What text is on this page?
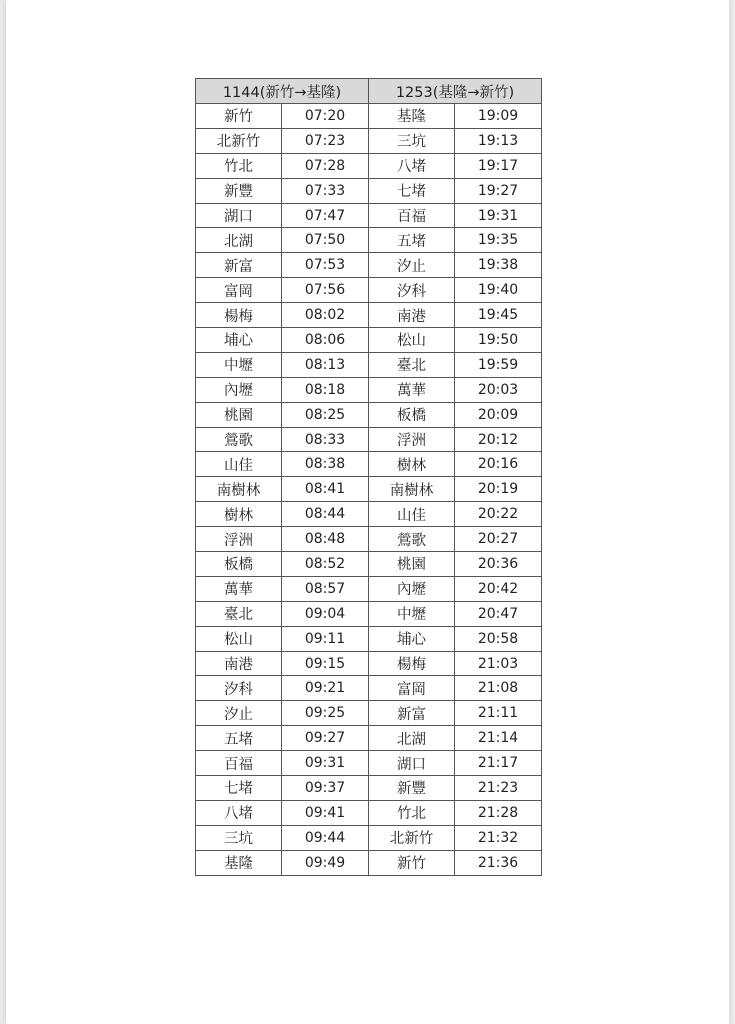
1144(新竹→基隆)		1253(基隆→新竹)	
新竹	07:20	基隆	19:09
北新竹	07:23	三坑	19:13
竹北	07:28	八堵	19:17
新豐	07:33	七堵	19:27
湖口	07:47	百福	19:31
北湖	07:50	五堵	19:35
新富	07:53	汐止	19:38
富岡	07:56	汐科	19:40
楊梅	08:02	南港	19:45
埔心	08:06	松山	19:50
中壢	08:13	臺北	19:59
內壢	08:18	萬華	20:03
桃園	08:25	板橋	20:09
鶯歌	08:33	浮洲	20:12
山佳	08:38	樹林	20:16
南樹林	08:41	南樹林	20:19
樹林	08:44	山佳	20:22
浮洲	08:48	鶯歌	20:27
板橋	08:52	桃園	20:36
萬華	08:57	內壢	20:42
臺北	09:04	中壢	20:47
松山	09:11	埔心	20:58
南港	09:15	楊梅	21:03
汐科	09:21	富岡	21:08
汐止	09:25	新富	21:11
五堵	09:27	北湖	21:14
百福	09:31	湖口	21:17
七堵	09:37	新豐	21:23
八堵	09:41	竹北	21:28
三坑	09:44	北新竹	21:32
基隆	09:49	新竹	21:36
